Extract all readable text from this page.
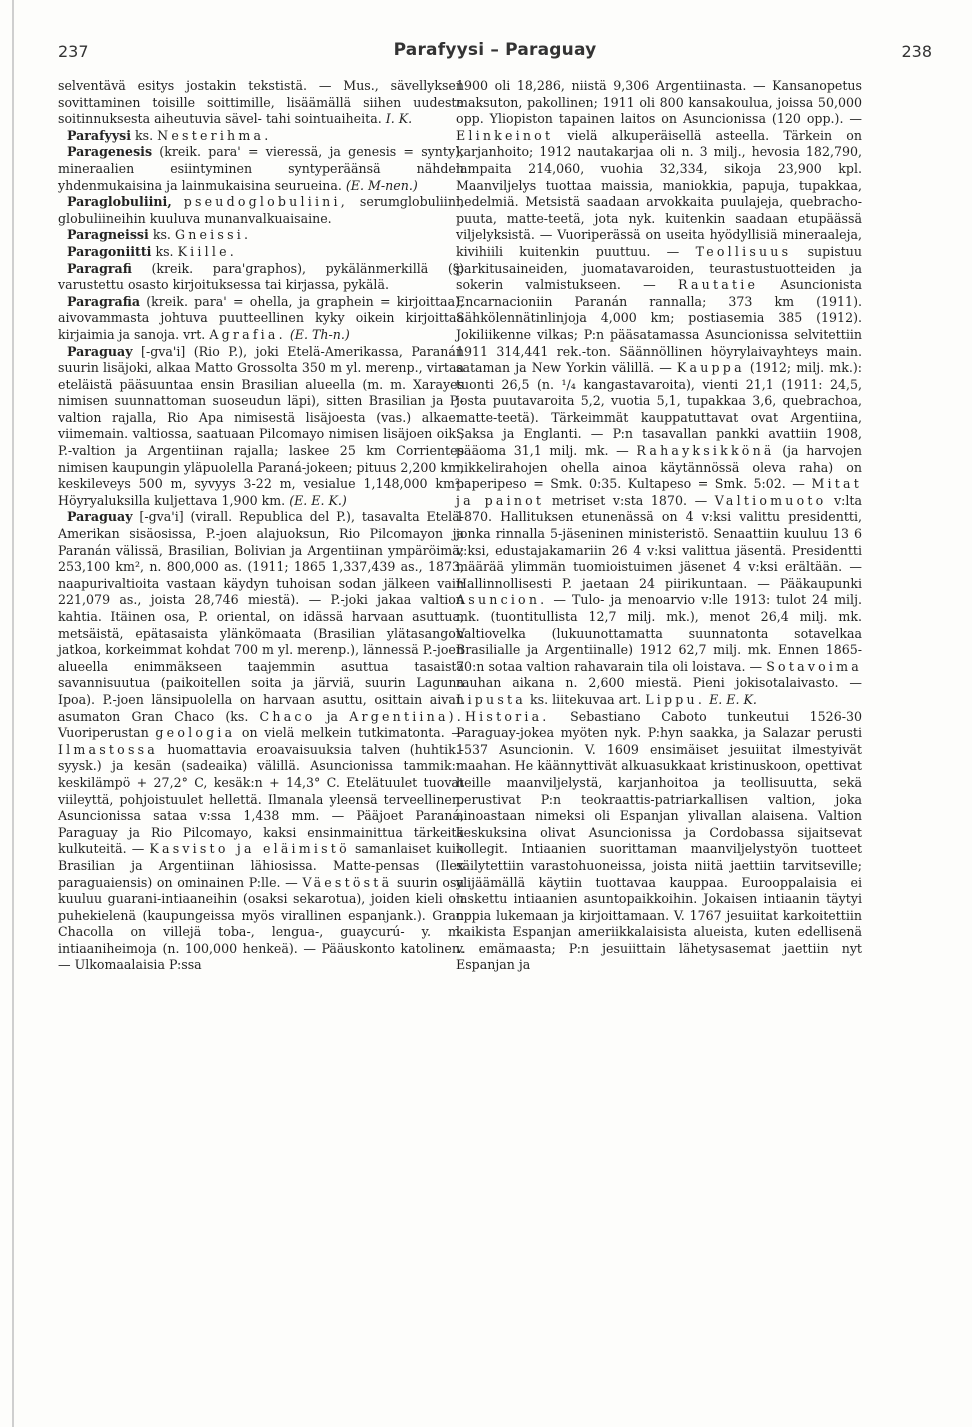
237	Parafyysi – Paraguay	238

selventävä esitys jostakin tekstistä. — Mus., sävellyksen sovittaminen toisille soittimille, lisäämällä siihen uudesta soitinnuksesta aiheutuvia sävel- tahi sointuaiheita. I. K.

Parafyysi ks. Nesterihma.

Paragenesis (kreik. para' = vieressä, ja genesis = synty), mineraalien esiintyminen syntyperäänsä nähden yhdenmukaisina ja lainmukaisina seurueina. (E. M-nen.)

Paraglobuliini, pseudoglobuliini, serumglobuliini, globuliineihin kuuluva munanvalkuaisaine.

Paragneissi ks. Gneissi.

Paragoniitti ks. Kiille.

Paragrafi (kreik. para'graphos), pykälänmerkillä (§) varustettu osasto kirjoituksessa tai kirjassa, pykälä.

Paragrafia (kreik. para' = ohella, ja graphein = kirjoittaa), aivovammasta johtuva puutteellinen kyky oikein kirjoittaa kirjaimia ja sanoja. vrt. Agrafia. (E. Th-n.)

Paraguay [-gva'i] (Rio P.), joki Etelä-Amerikassa, Paranán suurin lisäjoki, alkaa Matto Grossolta 350 m yl. merenp., virtaa eteläistä pääsuuntaa ensin Brasilian alueella (m. m. Xarayes nimisen suunnattoman suoseudun läpi), sitten Brasilian ja P.-valtion rajalla, Rio Apa nimisestä lisäjoesta (vas.) alkaen viimemain. valtiossa, saatuaan Pilcomayo nimisen lisäjoen oik., P.-valtion ja Argentiinan rajalla; laskee 25 km Corrientes nimisen kaupungin yläpuolella Paraná-jokeen; pituus 2,200 km, keskileveys 500 m, syvyys 3-22 m, vesialue 1,148,000 km². Höyryaluksilla kuljettava 1,900 km. (E. E. K.)

Paraguay [-gva'i] (virall. Republica del P.), tasavalta Etelä-Amerikan sisäosissa, P.-joen alajuoksun, Rio Pilcomayon ja Paranán välissä, Brasilian, Bolivian ja Argentiinan ympäröimä; 253,100 km², n. 800,000 as. (1911; 1865 1,337,439 as., 1873, naapurivaltioita vastaan käydyn tuhoisan sodan jälkeen vain 221,079 as., joista 28,746 miestä). — P.-joki jakaa valtion kahtia. Itäinen osa, P. oriental, on idässä harvaan asuttua, metsäistä, epätasaista ylänkömaata (Brasilian ylätasangon jatkoa, korkeimmat kohdat 700 m yl. merenp.), lännessä P.-joen alueella enimmäkseen taajemmin asuttua tasaista savannisuutua (paikoitellen soita ja järviä, suurin Laguna Ipoa). P.-joen länsipuolella on harvaan asuttu, osittain aivan asumaton Gran Chaco (ks. Chaco ja Argentiina). Vuoriperustan geologia on vielä melkein tutkimatonta. — Ilmastossa huomattavia eroavaisuuksia talven (huhtik.-syysk.) ja kesän (sadeaika) välillä. Asuncionissa tammik:n keskilämpö + 27,2° C, kesäk:n + 14,3° C. Etelätuulet tuovat viileyttä, pohjoistuulet hellettä. Ilmanala yleensä terveellinen. Asuncionissa sataa v:ssa 1,438 mm. — Pääjoet Paraná, Paraguay ja Rio Pilcomayo, kaksi ensinmainittua tärkeitä kulkuteitä. — Kasvisto ja eläimistö samanlaiset kuin Brasilian ja Argentiinan lähiosissa. Matte-pensas (Ilex paraguaiensis) on ominainen P:lle. — Väestöstä suurin osa kuuluu guarani-intiaaneihin (osaksi sekarotua), joiden kieli on puhekielenä (kaupungeissa myös virallinen espanjank.). Gran Chacolla on villejä toba-, lengua-, guaycurú- y. m. intiaaniheimoja (n. 100,000 henkeä). — Pääuskonto katolinen. — Ulkomaalaisia P:ssa

1900 oli 18,286, niistä 9,306 Argentiinasta. — Kansanopetus maksuton, pakollinen; 1911 oli 800 kansakoulua, joissa 50,000 opp. Yliopiston tapainen laitos on Asuncionissa (120 opp.). — Elinkeinot vielä alkuperäisellä asteella. Tärkein on karjanhoito; 1912 nautakarjaa oli n. 3 milj., hevosia 182,790, lampaita 214,060, vuohia 32,334, sikoja 23,900 kpl. Maanviljelys tuottaa maissia, maniokkia, papuja, tupakkaa, hedelmiä. Metsistä saadaan arvokkaita puulajeja, quebracho-puuta, matte-teetä, jota nyk. kuitenkin saadaan etupäässä viljelyksistä. — Vuoriperässä on useita hyödyllisiä mineraaleja, kivihiili kuitenkin puuttuu. — Teollisuus supistuu parkitusaineiden, juomatavaroiden, teurastustuotteiden ja sokerin valmistukseen. — Rautatie Asuncionista Encarnacioniin Paranán rannalla; 373 km (1911). Sähkölennätinlinjoja 4,000 km; postiasemia 385 (1912). Jokiliikenne vilkas; P:n pääsatamassa Asuncionissa selvitettiin 1911 314,441 rek.-ton. Säännöllinen höyrylaivayhteys main. sataman ja New Yorkin välillä. — Kauppa (1912; milj. mk.): tuonti 26,5 (n. ¹/₄ kangastavaroita), vienti 21,1 (1911: 24,5, josta puutavaroita 5,2, vuotia 5,1, tupakkaa 3,6, quebrachoa, matte-teetä). Tärkeimmät kauppatuttavat ovat Argentiina, Saksa ja Englanti. — P:n tasavallan pankki avattiin 1908, pääoma 31,1 milj. mk. — Rahayksikkönä (ja harvojen nikkelirahojen ohella ainoa käytännössä oleva raha) on paperipeso = Smk. 0:35. Kultapeso = Smk. 5:02. — Mitat ja painot metriset v:sta 1870. — Valtiomuoto v:lta 1870. Hallituksen etunenässä on 4 v:ksi valittu presidentti, jonka rinnalla 5-jäseninen ministeristö. Senaattiin kuuluu 13 6 v:ksi, edustajakamariin 26 4 v:ksi valittua jäsentä. Presidentti määrää ylimmän tuomioistuimen jäsenet 4 v:ksi erältään. — Hallinnollisesti P. jaetaan 24 piirikuntaan. — Pääkaupunki Asuncion. — Tulo- ja menoarvio v:lle 1913: tulot 24 milj. mk. (tuontitullista 12,7 milj. mk.), menot 26,4 milj. mk. Valtiovelka (lukuunottamatta suunnatonta sotavelkaa Brasilialle ja Argentiinalle) 1912 62,7 milj. mk. Ennen 1865-70:n sotaa valtion rahavarain tila oli loistava. — Sotavoima rauhan aikana n. 2,600 miestä. Pieni jokisotalaivasto. — Lipusta ks. liitekuvaa art. Lippu. E. E. K.

Historia. Sebastiano Caboto tunkeutui 1526-30 Paraguay-jokea myöten nyk. P:hyn saakka, ja Salazar perusti 1537 Asuncionin. V. 1609 ensimäiset jesuiitat ilmestyivät maahan. He käännyttivät alkuasukkaat kristinuskoon, opettivat heille maanviljelystä, karjanhoitoa ja teollisuutta, sekä perustivat P:n teokraattis-patriarkallisen valtion, joka ainoastaan nimeksi oli Espanjan ylivallan alaisena. Valtion keskuksina olivat Asuncionissa ja Cordobassa sijaitsevat kollegit. Intiaanien suorittaman maanviljelystyön tuotteet säilytettiin varastohuoneissa, joista niitä jaettiin tarvitseville; ylijäämällä käytiin tuottavaa kauppaa. Eurooppalaisia ei laskettu intiaanien asuntopaikkoihin. Jokaisen intiaanin täytyi oppia lukemaan ja kirjoittamaan. V. 1767 jesuiitat karkoitettiin kaikista Espanjan ameriikkalaisista alueista, kuten edellisenä v. emämaasta; P:n jesuiittain lähetysasemat jaettiin nyt Espanjan ja
